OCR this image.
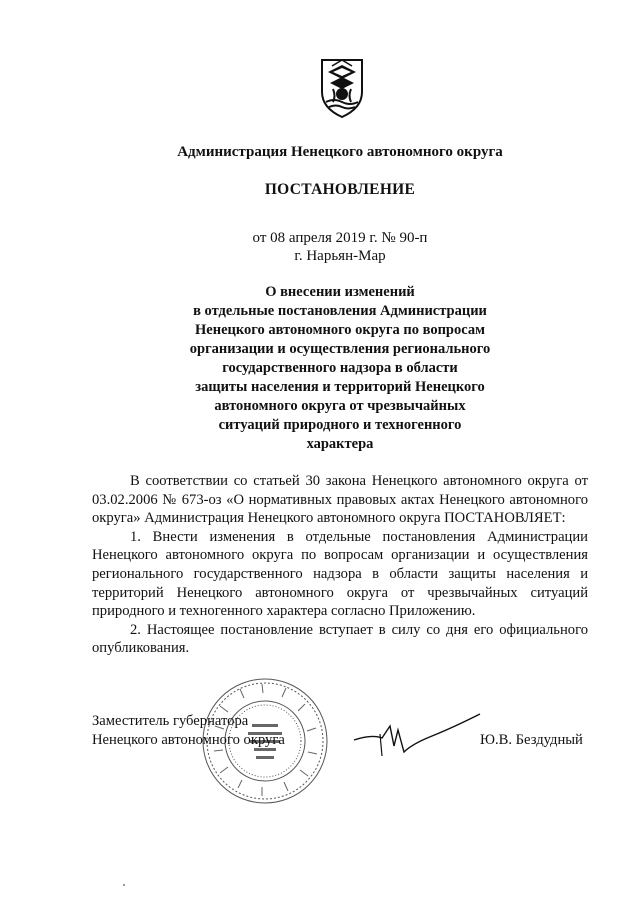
Администрация Ненецкого автономного округа
ПОСТАНОВЛЕНИЕ
от 08 апреля 2019 г. № 90-п
г. Нарьян-Мар
О внесении изменений
в отдельные постановления Администрации
Ненецкого автономного округа по вопросам
организации и осуществления регионального
государственного надзора в области
защиты населения и территорий Ненецкого
автономного округа от чрезвычайных
ситуаций природного и техногенного
характера

В соответствии со статьей 30 закона Ненецкого автономного округа от 03.02.2006 № 673-оз «О нормативных правовых актах Ненецкого автономного округа» Администрация Ненецкого автономного округа ПОСТАНОВЛЯЕТ:

1. Внести изменения в отдельные постановления Администрации Ненецкого автономного округа по вопросам организации и осуществления регионального государственного надзора в области защиты населения и территорий Ненецкого автономного округа от чрезвычайных ситуаций природного и техногенного характера согласно Приложению.

2. Настоящее постановление вступает в силу со дня его официального опубликования.

Заместитель губернатора
Ненецкого автономного округа	Ю.В. Бездудный
